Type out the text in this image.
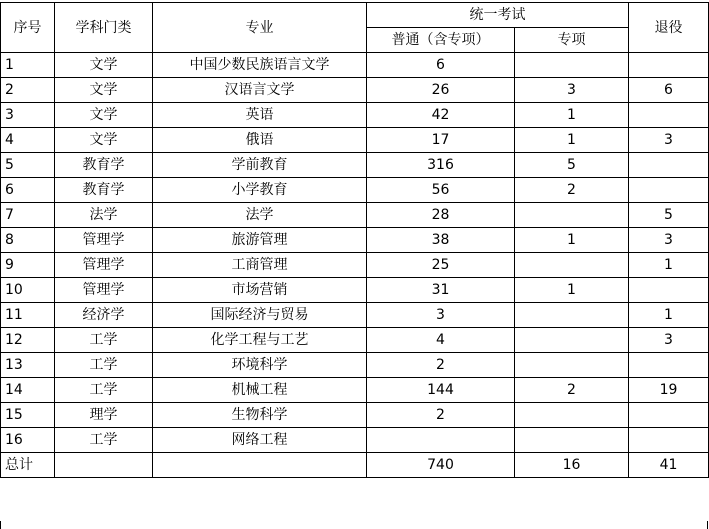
序号	学科门类	专业	统一考试		退役
			普通（含专项）	专项	
1	文学	中国少数民族语言文学	6		
2	文学	汉语言文学	26	3	6
3	文学	英语	42	1	
4	文学	俄语	17	1	3
5	教育学	学前教育	316	5	
6	教育学	小学教育	56	2	
7	法学	法学	28		5
8	管理学	旅游管理	38	1	3
9	管理学	工商管理	25		1
10	管理学	市场营销	31	1	
11	经济学	国际经济与贸易	3		1
12	工学	化学工程与工艺	4		3
13	工学	环境科学	2		
14	工学	机械工程	144	2	19
15	理学	生物科学	2		
16	工学	网络工程			
总计			740	16	41
